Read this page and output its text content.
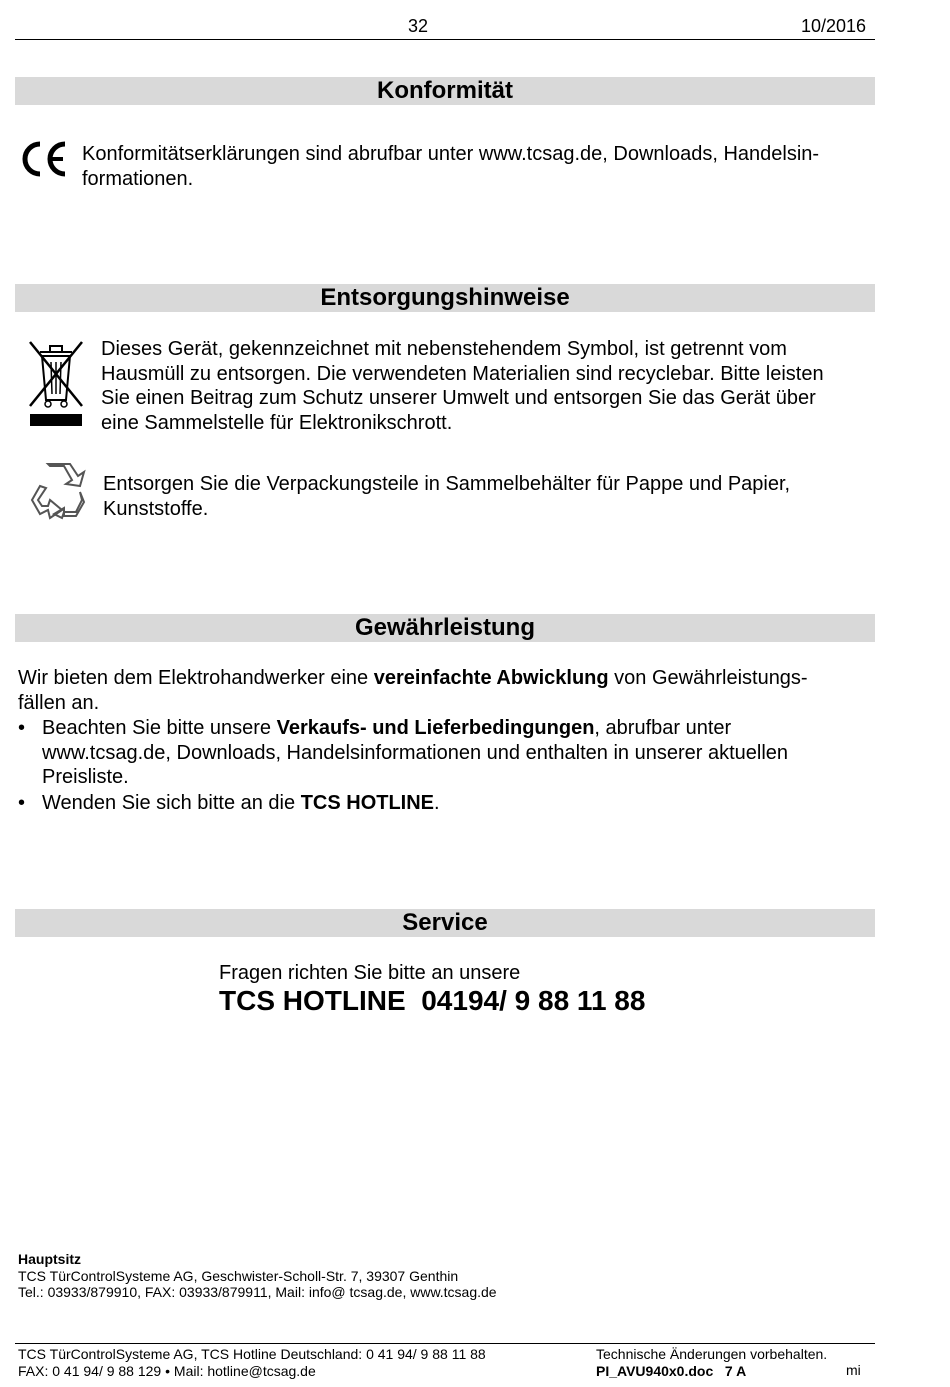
32	10/2016
Konformität
Konformitätserklärungen sind abrufbar unter www.tcsag.de, Downloads, Handelsin-
formationen.
Entsorgungshinweise
Dieses Gerät, gekennzeichnet mit nebenstehendem Symbol, ist getrennt vom
Hausmüll zu entsorgen. Die verwendeten Materialien sind recyclebar. Bitte leisten
Sie einen Beitrag zum Schutz unserer Umwelt und entsorgen Sie das Gerät über
eine Sammelstelle für Elektronikschrott.
Entsorgen Sie die Verpackungsteile in Sammelbehälter für Pappe und Papier,
Kunststoffe.
Gewährleistung
Wir bieten dem Elektrohandwerker eine vereinfachte Abwicklung von Gewährleistungs-
fällen an.
• Beachten Sie bitte unsere Verkaufs- und Lieferbedingungen, abrufbar unter
www.tcsag.de, Downloads, Handelsinformationen und enthalten in unserer aktuellen
Preisliste.
• Wenden Sie sich bitte an die TCS HOTLINE.
Service
Fragen richten Sie bitte an unsere
TCS HOTLINE  04194/ 9 88 11 88
Hauptsitz
TCS TürControlSysteme AG, Geschwister-Scholl-Str. 7, 39307 Genthin
Tel.: 03933/879910, FAX: 03933/879911, Mail: info@ tcsag.de, www.tcsag.de
TCS TürControlSysteme AG, TCS Hotline Deutschland: 0 41 94/ 9 88 11 88
FAX: 0 41 94/ 9 88 129 • Mail: hotline@tcsag.de
Technische Änderungen vorbehalten.
PI_AVU940x0.doc   7 A	mi
